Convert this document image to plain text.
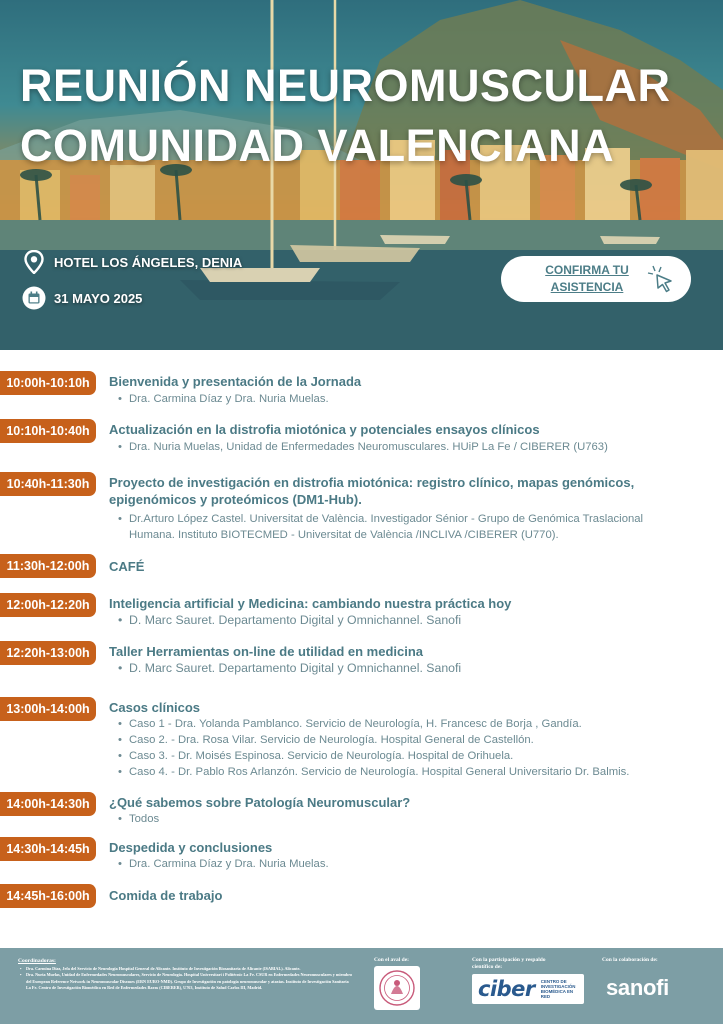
REUNIÓN NEUROMUSCULAR
COMUNIDAD VALENCIANA
HOTEL LOS ÁNGELES, DENIA
31 MAYO 2025
CONFIRMA TU ASISTENCIA
10:00h-10:10h	Bienvenida y presentación de la Jornada
• Dra. Carmina Díaz y Dra. Nuria Muelas.
10:10h-10:40h	Actualización en la distrofia miotónica y potenciales ensayos clínicos
• Dra. Nuria Muelas, Unidad de Enfermedades Neuromusculares. HUiP La Fe / CIBERER (U763)
10:40h-11:30h	Proyecto de investigación en distrofia miotónica: registro clínico, mapas genómicos, epigenómicos y proteómicos (DM1-Hub).
• Dr.Arturo López Castel. Universitat de València. Investigador Sénior - Grupo de Genómica Traslacional Humana. Instituto BIOTECMED - Universitat de València /INCLIVA /CIBERER (U770).
11:30h-12:00h	CAFÉ
12:00h-12:20h	Inteligencia artificial y Medicina: cambiando nuestra práctica hoy
• D. Marc Sauret. Departamento Digital y Omnichannel. Sanofi
12:20h-13:00h	Taller Herramientas on-line de utilidad en medicina
• D. Marc Sauret. Departamento Digital y Omnichannel. Sanofi
13:00h-14:00h	Casos clínicos
• Caso 1 - Dra. Yolanda Pamblanco. Servicio de Neurología, H. Francesc de Borja , Gandía.
• Caso 2. - Dra. Rosa Vilar. Servicio de Neurología. Hospital General de Castellón.
• Caso 3. - Dr. Moisés Espinosa. Servicio de Neurología. Hospital de Orihuela.
• Caso 4. - Dr. Pablo Ros Arlanzón. Servicio de Neurología. Hospital General Universitario Dr. Balmis.
14:00h-14:30h	¿Qué sabemos sobre Patología Neuromuscular?
• Todos
14:30h-14:45h	Despedida y conclusiones
• Dra. Carmina Díaz y Dra. Nuria Muelas.
14:45h-16:00h	Comida de trabajo
Coordinadoras:
• Dra. Carmina Díaz, Jefa del Servicio de Neurología Hospital General de Alicante. Instituto de Investigación Biosanitaria de Alicante (ISABIAL). Alicante.
• Dra. Nuria Muelas, Unidad de Enfermedades Neuromusculares, Servicio de Neurología. Hospital Universitari i Politècnic La Fe. CSUR en Enfermedades Neuromusculares y miembro del European Reference Network in Neuromuscular Diseases (ERN EURO-NMD). Grupo de Investigación en patología neuromuscular y ataxias. Instituto de Investigación Sanitaria La Fe. Centro de Investigación Biomédica en Red de Enfermedades Raras (CIBERER), U763, Instituto de Salud Carlos III, Madrid.
Con el aval de:	Con la participación y respaldo científico de:
Con la colaboración de:
ciber CENTRO DE INVESTIGACIÓN BIOMÉDICA EN RED	sanofi
